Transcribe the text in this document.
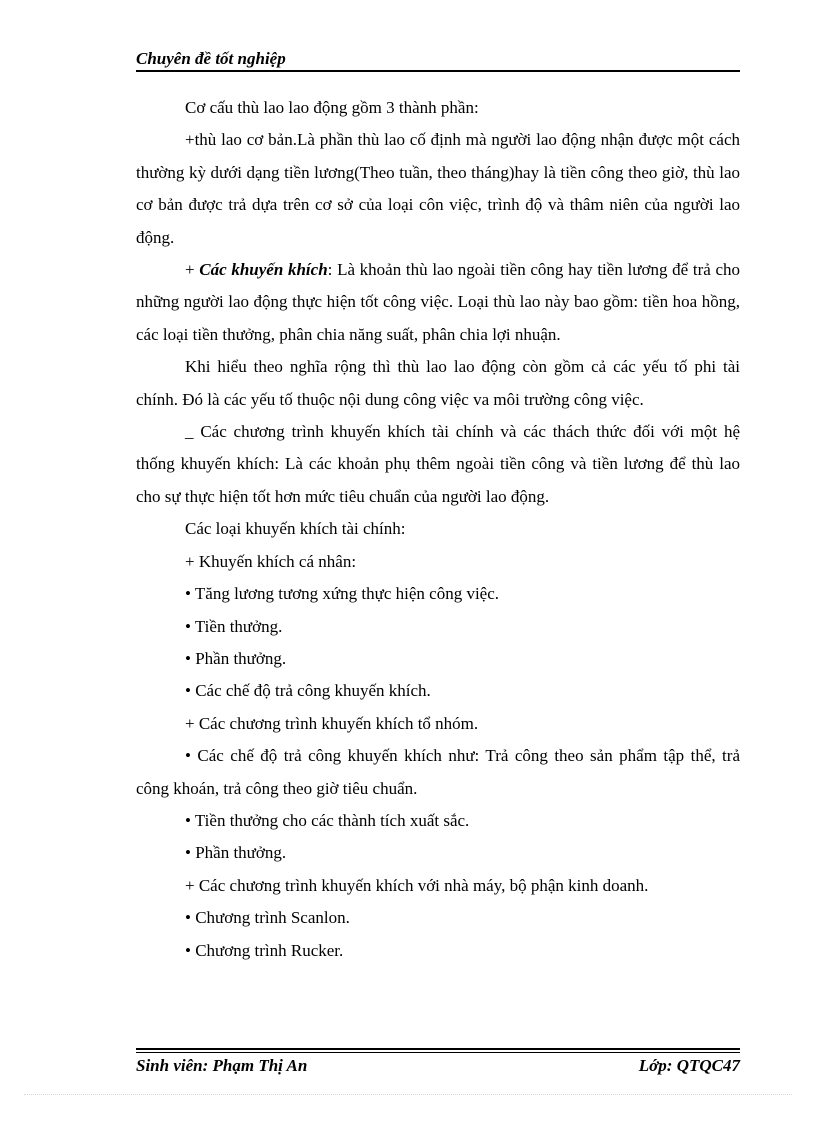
Chuyên đề tốt nghiệp

Cơ cấu thù lao lao động gồm 3 thành phần:

+thù lao cơ bản.Là phần thù lao cố định mà người lao động nhận được một cách thường kỳ dưới dạng tiền lương(Theo tuần, theo tháng)hay là tiền công theo giờ, thù lao cơ bản được trả dựa trên cơ sở của loại côn việc, trình độ và thâm niên của người lao động.

+ Các khuyến khích: Là khoản thù lao ngoài tiền công hay tiền lương để trả cho những người lao động thực hiện tốt công việc. Loại thù lao này bao gồm: tiền hoa hồng, các loại tiền thưởng, phân chia năng suất, phân chia lợi nhuận.

Khi hiểu theo nghĩa rộng thì thù lao lao động còn gồm cả các yếu tố phi tài chính. Đó là các yếu tố thuộc nội dung công việc va môi trường công việc.

_ Các chương trình khuyến khích tài chính và các thách thức đối với một hệ thống khuyến khích: Là các khoản phụ thêm ngoài tiền công và tiền lương để thù lao cho sự thực hiện tốt hơn mức tiêu chuẩn của người lao động.

Các loại khuyến khích tài chính:

+ Khuyến khích cá nhân:

• Tăng lương tương xứng thực hiện công việc.

• Tiền thưởng.

• Phần thưởng.

• Các chế độ trả công khuyến khích.

+ Các chương trình khuyến khích tổ nhóm.

• Các chế độ trả công khuyến khích như: Trả công theo sản phẩm tập thể, trả công khoán, trả công theo giờ tiêu chuẩn.

• Tiền thưởng cho các thành tích xuất sắc.

• Phần thưởng.

+ Các chương trình khuyến khích với nhà máy, bộ phận kinh doanh.

• Chương trình Scanlon.

• Chương trình Rucker.

Sinh viên: Phạm Thị An	Lớp: QTQC47
